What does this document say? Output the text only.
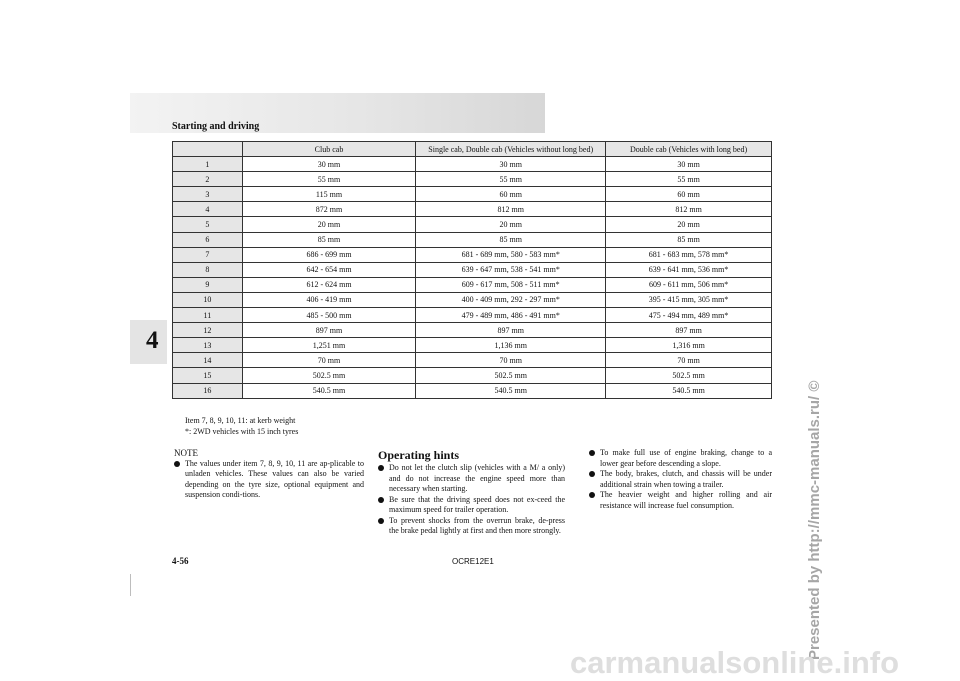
Starting and driving
4
	Club cab	Single cab, Double cab (Vehicles without long bed)	Double cab (Vehicles with long bed)
1	30 mm	30 mm	30 mm
2	55 mm	55 mm	55 mm
3	115 mm	60 mm	60 mm
4	872 mm	812 mm	812 mm
5	20 mm	20 mm	20 mm
6	85 mm	85 mm	85 mm
7	686 - 699 mm	681 - 689 mm, 580 - 583 mm*	681 - 683 mm, 578 mm*
8	642 - 654 mm	639 - 647 mm, 538 - 541 mm*	639 - 641 mm, 536 mm*
9	612 - 624 mm	609 - 617 mm, 508 - 511 mm*	609 - 611 mm, 506 mm*
10	406 - 419 mm	400 - 409 mm, 292 - 297 mm*	395 - 415 mm, 305 mm*
11	485 - 500 mm	479 - 489 mm, 486 - 491 mm*	475 - 494 mm, 489 mm*
12	897 mm	897 mm	897 mm
13	1,251 mm	1,136 mm	1,316 mm
14	70 mm	70 mm	70 mm
15	502.5 mm	502.5 mm	502.5 mm
16	540.5 mm	540.5 mm	540.5 mm
Item 7, 8, 9, 10, 11: at kerb weight
*: 2WD vehicles with 15 inch tyres
NOTE
The values under item 7, 8, 9, 10, 11 are ap-plicable to unladen vehicles. These values can also be varied depending on the tyre size, optional equipment and suspension condi-tions.
Operating hints
Do not let the clutch slip (vehicles with a M/ a only) and do not increase the engine speed more than necessary when starting.
Be sure that the driving speed does not ex-ceed the maximum speed for trailer operation.
To prevent shocks from the overrun brake, de-press the brake pedal lightly at first and then more strongly.
To make full use of engine braking, change to a lower gear before descending a slope.
The body, brakes, clutch, and chassis will be under additional strain when towing a trailer.
The heavier weight and higher rolling and air resistance will increase fuel consumption.
4-56	OCRE12E1	Presented by http://mmc-manuals.ru/ ©
carmanualsonline.info
